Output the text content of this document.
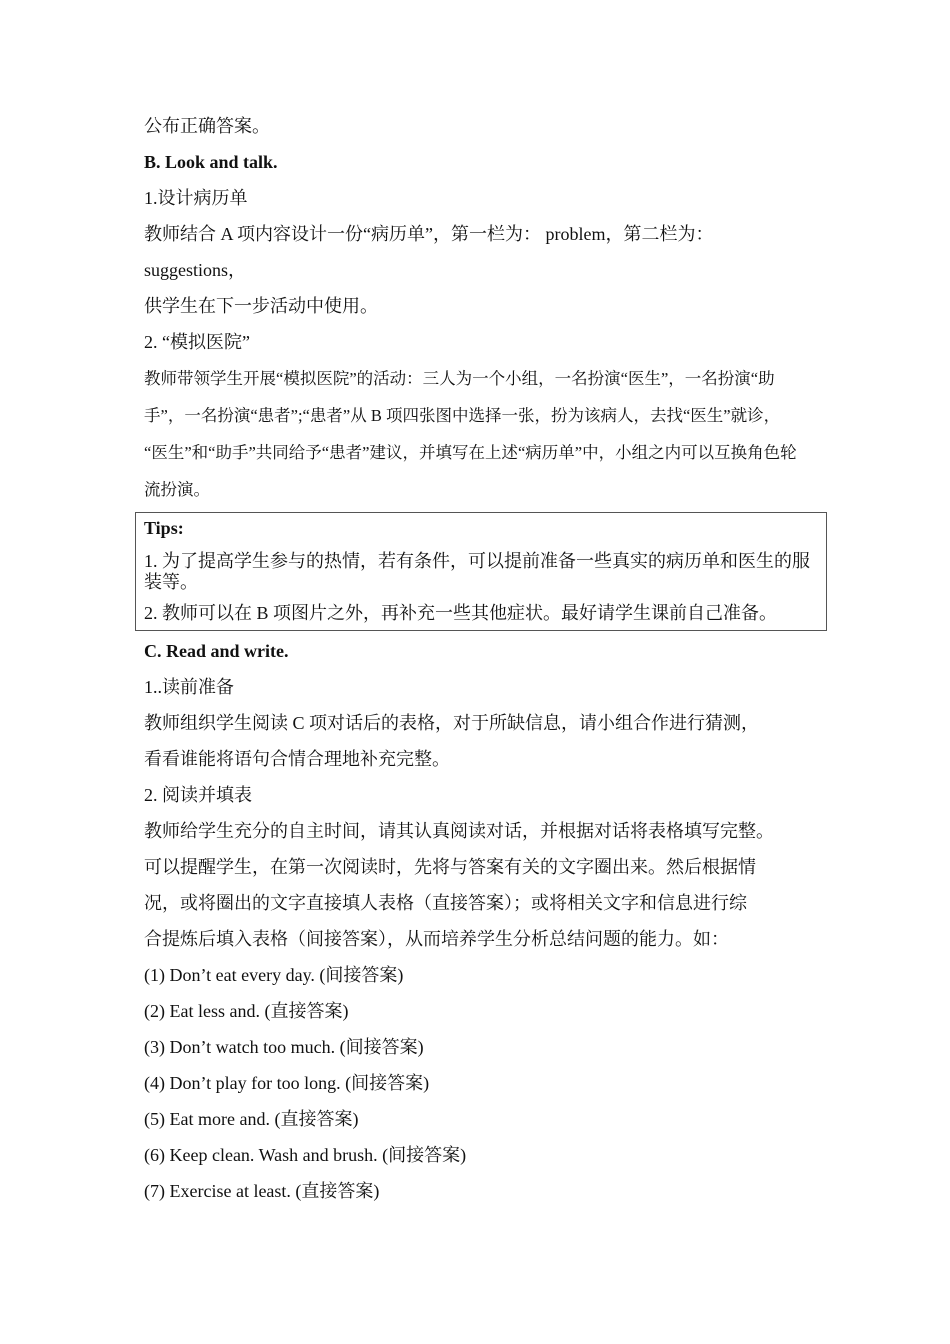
公布正确答案。
B. Look and talk.
1.设计病历单
教师结合 A 项内容设计一份“病历单”，第一栏为： problem，第二栏为：
suggestions，
供学生在下一步活动中使用。
2. “模拟医院”
教师带领学生开展“模拟医院”的活动：三人为一个小组，一名扮演“医生”，一名扮演“助
手”，一名扮演“患者”;“患者”从 B 项四张图中选择一张，扮为该病人，去找“医生”就诊，
“医生”和“助手”共同给予“患者”建议，并填写在上述“病历单”中，小组之内可以互换角色轮
流扮演。
Tips:
1. 为了提高学生参与的热情，若有条件，可以提前准备一些真实的病历单和医生的服装等。
2. 教师可以在 B 项图片之外，再补充一些其他症状。最好请学生课前自己准备。
C. Read and write.
1..读前准备
教师组织学生阅读 C 项对话后的表格，对于所缺信息，请小组合作进行猜测，
看看谁能将语句合情合理地补充完整。
2. 阅读并填表
教师给学生充分的自主时间，请其认真阅读对话，并根据对话将表格填写完整。
可以提醒学生，在第一次阅读时，先将与答案有关的文字圈出来。然后根据情
况，或将圈出的文字直接填人表格（直接答案）；或将相关文字和信息进行综
合提炼后填入表格（间接答案），从而培养学生分析总结问题的能力。如：
(1) Don’t eat every day. (间接答案)
(2) Eat less and. (直接答案)
(3) Don’t watch too much. (间接答案)
(4) Don’t play for too long. (间接答案)
(5) Eat more and. (直接答案)
(6) Keep clean. Wash and brush. (间接答案)
(7) Exercise at least. (直接答案)
